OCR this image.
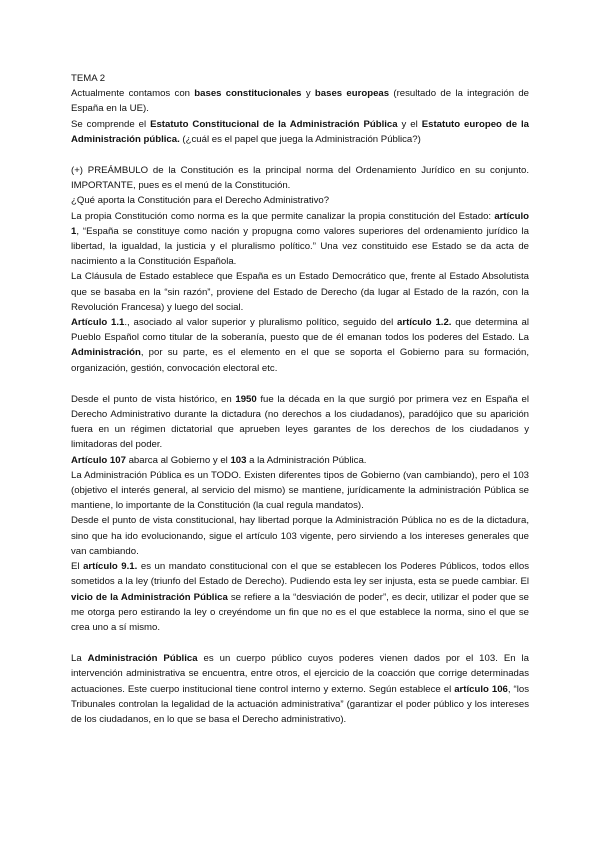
TEMA 2

Actualmente contamos con bases constitucionales y bases europeas (resultado de la integración de España en la UE).

Se comprende el Estatuto Constitucional de la Administración Pública y el Estatuto europeo de la Administración pública. (¿cuál es el papel que juega la Administración Pública?)

(+) PREÁMBULO de la Constitución es la principal norma del Ordenamiento Jurídico en su conjunto. IMPORTANTE, pues es el menú de la Constitución.

¿Qué aporta la Constitución para el Derecho Administrativo?

La propia Constitución como norma es la que permite canalizar la propia constitución del Estado: artículo 1, “España se constituye como nación y propugna como valores superiores del ordenamiento jurídico la libertad, la igualdad, la justicia y el pluralismo político.” Una vez constituido ese Estado se da acta de nacimiento a la Constitución Española.

La Cláusula de Estado establece que España es un Estado Democrático que, frente al Estado Absolutista que se basaba en la “sin razón”, proviene del Estado de Derecho (da lugar al Estado de la razón, con la Revolución Francesa) y luego del social.

Artículo 1.1., asociado al valor superior y pluralismo político, seguido del artículo 1.2. que determina al Pueblo Español como titular de la soberanía, puesto que de él emanan todos los poderes del Estado. La Administración, por su parte, es el elemento en el que se soporta el Gobierno para su formación, organización, gestión, convocación electoral etc.

Desde el punto de vista histórico, en 1950 fue la década en la que surgió por primera vez en España el Derecho Administrativo durante la dictadura (no derechos a los ciudadanos), paradójico que su aparición fuera en un régimen dictatorial que aprueben leyes garantes de los derechos de los ciudadanos y limitadoras del poder.

Artículo 107 abarca al Gobierno y el 103 a la Administración Pública.

La Administración Pública es un TODO. Existen diferentes tipos de Gobierno (van cambiando), pero el 103 (objetivo el interés general, al servicio del mismo) se mantiene, jurídicamente la administración Pública se mantiene, lo importante de la Constitución (la cual regula mandatos).

Desde el punto de vista constitucional, hay libertad porque la Administración Pública no es de la dictadura, sino que ha ido evolucionando, sigue el artículo 103 vigente, pero sirviendo a los intereses generales que van cambiando.

El artículo 9.1. es un mandato constitucional con el que se establecen los Poderes Públicos, todos ellos sometidos a la ley (triunfo del Estado de Derecho). Pudiendo esta ley ser injusta, esta se puede cambiar. El vicio de la Administración Pública se refiere a la “desviación de poder”, es decir, utilizar el poder que se me otorga pero estirando la ley o creyéndome un fin que no es el que establece la norma, sino el que se crea uno a sí mismo.

La Administración Pública es un cuerpo público cuyos poderes vienen dados por el 103. En la intervención administrativa se encuentra, entre otros, el ejercicio de la coacción que corrige determinadas actuaciones. Este cuerpo institucional tiene control interno y externo. Según establece el artículo 106, “los Tribunales controlan la legalidad de la actuación administrativa” (garantizar el poder público y los intereses de los ciudadanos, en lo que se basa el Derecho administrativo).
